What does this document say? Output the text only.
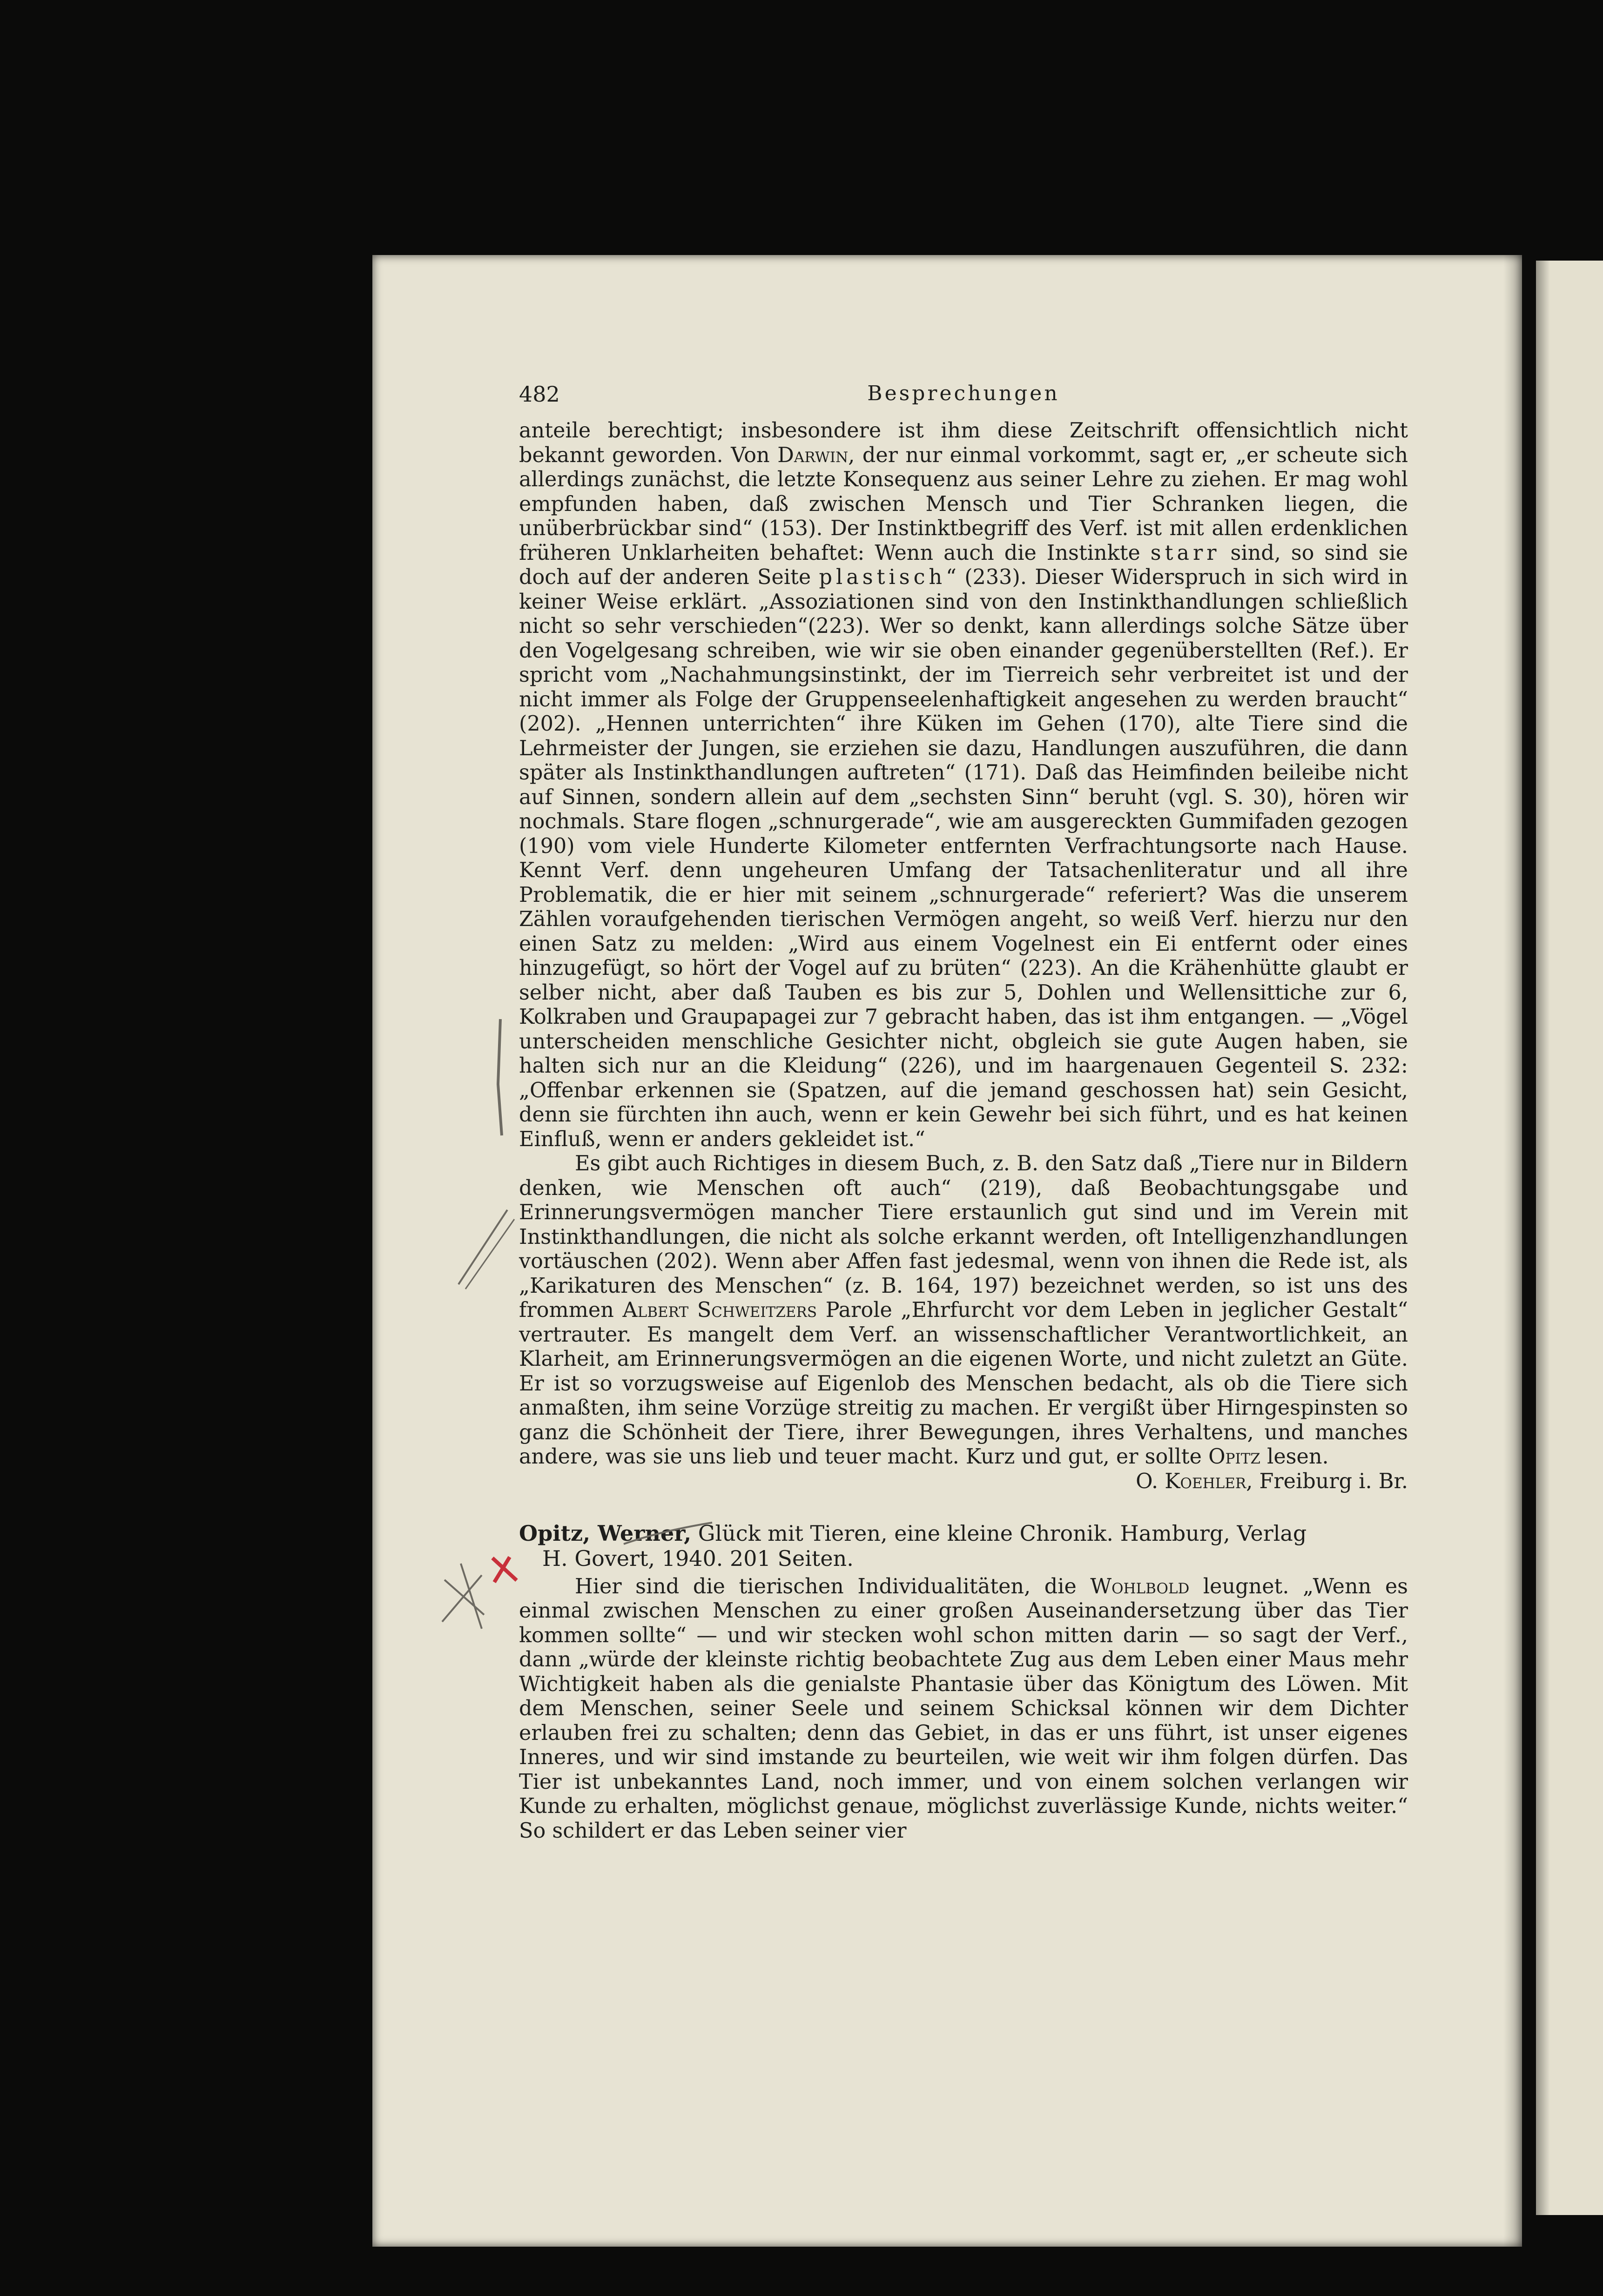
482	Besprechungen

anteile berechtigt; insbesondere ist ihm diese Zeitschrift offensichtlich nicht bekannt geworden. Von Darwin, der nur einmal vorkommt, sagt er, „er scheute sich allerdings zunächst, die letzte Konsequenz aus seiner Lehre zu ziehen. Er mag wohl empfunden haben, daß zwischen Mensch und Tier Schranken liegen, die unüberbrückbar sind“ (153). Der Instinktbegriff des Verf. ist mit allen erdenklichen früheren Unklarheiten behaftet: Wenn auch die Instinkte starr sind, so sind sie doch auf der anderen Seite plastisch“ (233). Dieser Widerspruch in sich wird in keiner Weise erklärt. „Assoziationen sind von den Instinkthandlungen schließlich nicht so sehr verschieden“(223). Wer so denkt, kann allerdings solche Sätze über den Vogelgesang schreiben, wie wir sie oben einander gegenüberstellten (Ref.). Er spricht vom „Nachahmungsinstinkt, der im Tierreich sehr verbreitet ist und der nicht immer als Folge der Gruppenseelenhaftigkeit angesehen zu werden braucht“ (202). „Hennen unterrichten“ ihre Küken im Gehen (170), alte Tiere sind die Lehrmeister der Jungen, sie erziehen sie dazu, Handlungen auszuführen, die dann später als Instinkthandlungen auftreten“ (171). Daß das Heimfinden beileibe nicht auf Sinnen, sondern allein auf dem „sechsten Sinn“ beruht (vgl. S. 30), hören wir nochmals. Stare flogen „schnurgerade“, wie am ausgereckten Gummifaden gezogen (190) vom viele Hunderte Kilometer entfernten Verfrachtungsorte nach Hause. Kennt Verf. denn ungeheuren Umfang der Tatsachenliteratur und all ihre Problematik, die er hier mit seinem „schnurgerade“ referiert? Was die unserem Zählen voraufgehenden tierischen Vermögen angeht, so weiß Verf. hierzu nur den einen Satz zu melden: „Wird aus einem Vogelnest ein Ei entfernt oder eines hinzugefügt, so hört der Vogel auf zu brüten“ (223). An die Krähenhütte glaubt er selber nicht, aber daß Tauben es bis zur 5, Dohlen und Wellensittiche zur 6, Kolkraben und Graupapagei zur 7 gebracht haben, das ist ihm entgangen. — „Vögel unterscheiden menschliche Gesichter nicht, obgleich sie gute Augen haben, sie halten sich nur an die Kleidung“ (226), und im haargenauen Gegenteil S. 232: „Offenbar erkennen sie (Spatzen, auf die jemand geschossen hat) sein Gesicht, denn sie fürchten ihn auch, wenn er kein Gewehr bei sich führt, und es hat keinen Einfluß, wenn er anders gekleidet ist.“

Es gibt auch Richtiges in diesem Buch, z. B. den Satz daß „Tiere nur in Bildern denken, wie Menschen oft auch“ (219), daß Beobachtungsgabe und Erinnerungsvermögen mancher Tiere erstaunlich gut sind und im Verein mit Instinkthandlungen, die nicht als solche erkannt werden, oft Intelligenzhandlungen vortäuschen (202). Wenn aber Affen fast jedesmal, wenn von ihnen die Rede ist, als „Karikaturen des Menschen“ (z. B. 164, 197) bezeichnet werden, so ist uns des frommen Albert Schweitzers Parole „Ehrfurcht vor dem Leben in jeglicher Gestalt“ vertrauter. Es mangelt dem Verf. an wissenschaftlicher Verantwortlichkeit, an Klarheit, am Erinnerungsvermögen an die eigenen Worte, und nicht zuletzt an Güte. Er ist so vorzugsweise auf Eigenlob des Menschen bedacht, als ob die Tiere sich anmaßten, ihm seine Vorzüge streitig zu machen. Er vergißt über Hirngespinsten so ganz die Schönheit der Tiere, ihrer Bewegungen, ihres Verhaltens, und manches andere, was sie uns lieb und teuer macht. Kurz und gut, er sollte Opitz lesen.

O. Koehler, Freiburg i. Br.
Opitz, Werner, Glück mit Tieren, eine kleine Chronik. Hamburg, Verlag
H. Govert, 1940. 201 Seiten.

Hier sind die tierischen Individualitäten, die Wohlbold leugnet. „Wenn es einmal zwischen Menschen zu einer großen Auseinandersetzung über das Tier kommen sollte“ — und wir stecken wohl schon mitten darin — so sagt der Verf., dann „würde der kleinste richtig beobachtete Zug aus dem Leben einer Maus mehr Wichtigkeit haben als die genialste Phantasie über das Königtum des Löwen. Mit dem Menschen, seiner Seele und seinem Schicksal können wir dem Dichter erlauben frei zu schalten; denn das Gebiet, in das er uns führt, ist unser eigenes Inneres, und wir sind imstande zu beurteilen, wie weit wir ihm folgen dürfen. Das Tier ist unbekanntes Land, noch immer, und von einem solchen verlangen wir Kunde zu erhalten, möglichst genaue, möglichst zuverlässige Kunde, nichts weiter.“ So schildert er das Leben seiner vier
